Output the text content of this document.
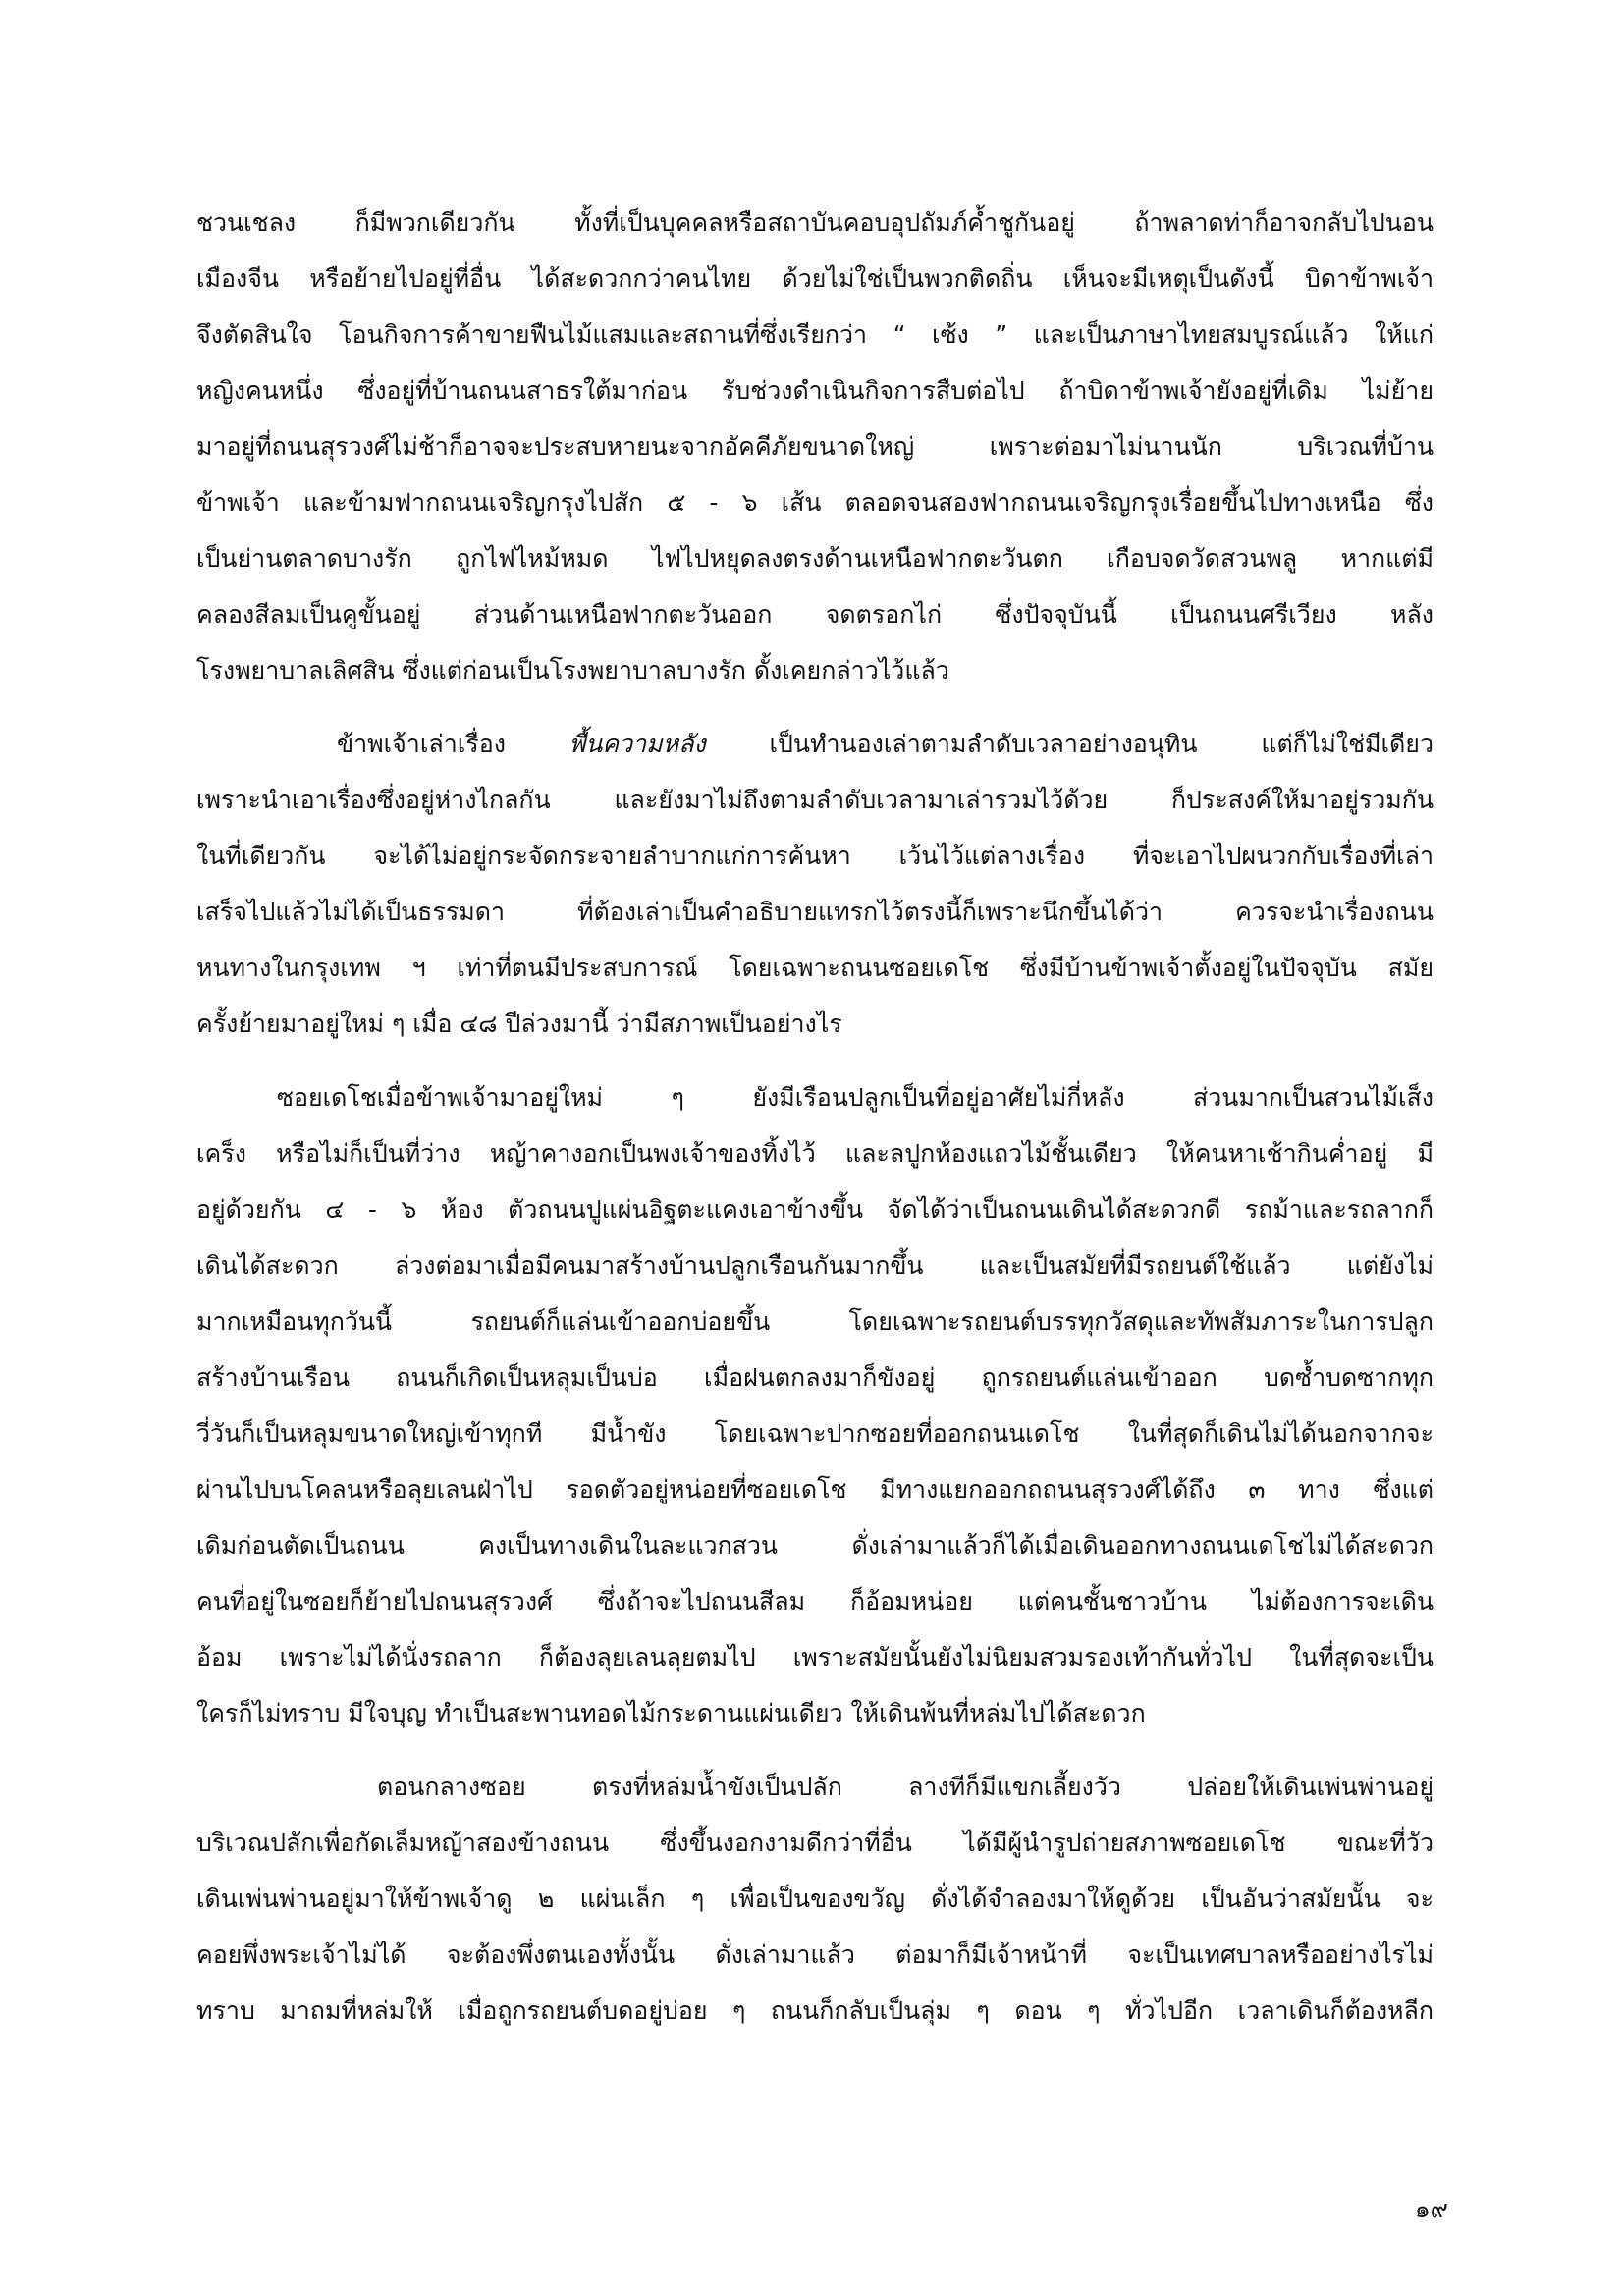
ชวนเชลง ก็มีพวกเดียวกัน ทั้งที่เป็นบุคคลหรือสถาบันคอบอุปถัมภ์ค้ำชูกันอยู่ ถ้าพลาดท่าก็อาจกลับไปนอน
เมืองจีน หรือย้ายไปอยู่ที่อื่น ได้สะดวกกว่าคนไทย ด้วยไม่ใช่เป็นพวกติดถิ่น เห็นจะมีเหตุเป็นดังนี้ บิดาข้าพเจ้า
จึงตัดสินใจ โอนกิจการค้าขายฟืนไม้แสมและสถานที่ซึ่งเรียกว่า “ เซ้ง ” และเป็นภาษาไทยสมบูรณ์แล้ว ให้แก่
หญิงคนหนึ่ง ซึ่งอยู่ที่บ้านถนนสาธรใต้มาก่อน รับช่วงดำเนินกิจการสืบต่อไป ถ้าบิดาข้าพเจ้ายังอยู่ที่เดิม ไม่ย้าย
มาอยู่ที่ถนนสุรวงศ์ไม่ช้าก็อาจจะประสบหายนะจากอัคคีภัยขนาดใหญ่ เพราะต่อมาไม่นานนัก บริเวณที่บ้าน
ข้าพเจ้า และข้ามฟากถนนเจริญกรุงไปสัก ๕ - ๖ เส้น ตลอดจนสองฟากถนนเจริญกรุงเรื่อยขึ้นไปทางเหนือ ซึ่ง
เป็นย่านตลาดบางรัก ถูกไฟไหม้หมด ไฟไปหยุดลงตรงด้านเหนือฟากตะวันตก เกือบจดวัดสวนพลู หากแต่มี
คลองสีลมเป็นคูขั้นอยู่ ส่วนด้านเหนือฟากตะวันออก จดตรอกไก่ ซึ่งปัจจุบันนี้ เป็นถนนศรีเวียง หลัง
โรงพยาบาลเลิศสิน ซึ่งแต่ก่อนเป็นโรงพยาบาลบางรัก ดั้งเคยกล่าวไว้แล้ว
ข้าพเจ้าเล่าเรื่อง พื้นความหลัง เป็นทำนองเล่าตามลำดับเวลาอย่างอนุทิน แต่ก็ไม่ใช่มีเดียว
เพราะนำเอาเรื่องซึ่งอยู่ห่างไกลกัน และยังมาไม่ถึงตามลำดับเวลามาเล่ารวมไว้ด้วย ก็ประสงค์ให้มาอยู่รวมกัน
ในที่เดียวกัน จะได้ไม่อยู่กระจัดกระจายลำบากแก่การค้นหา เว้นไว้แต่ลางเรื่อง ที่จะเอาไปผนวกกับเรื่องที่เล่า
เสร็จไปแล้วไม่ได้เป็นธรรมดา ที่ต้องเล่าเป็นคำอธิบายแทรกไว้ตรงนี้ก็เพราะนึกขึ้นได้ว่า ควรจะนำเรื่องถนน
หนทางในกรุงเทพ ฯ เท่าที่ตนมีประสบการณ์ โดยเฉพาะถนนซอยเดโช ซึ่งมีบ้านข้าพเจ้าตั้งอยู่ในปัจจุบัน สมัย
ครั้งย้ายมาอยู่ใหม่ ๆ เมื่อ ๔๘ ปีล่วงมานี้ ว่ามีสภาพเป็นอย่างไร
ซอยเดโชเมื่อข้าพเจ้ามาอยู่ใหม่ ๆ ยังมีเรือนปลูกเป็นที่อยู่อาศัยไม่กี่หลัง ส่วนมากเป็นสวนไม้เส็ง
เคร็ง หรือไม่ก็เป็นที่ว่าง หญ้าคางอกเป็นพงเจ้าของทิ้งไว้ และลปูกห้องแถวไม้ชั้นเดียว ให้คนหาเช้ากินค่ำอยู่ มี
อยู่ด้วยกัน ๔ - ๖ ห้อง ตัวถนนปูแผ่นอิฐตะแคงเอาข้างขึ้น จัดได้ว่าเป็นถนนเดินได้สะดวกดี รถม้าและรถลากก็
เดินได้สะดวก ล่วงต่อมาเมื่อมีคนมาสร้างบ้านปลูกเรือนกันมากขึ้น และเป็นสมัยที่มีรถยนต์ใช้แล้ว แต่ยังไม่
มากเหมือนทุกวันนี้ รถยนต์ก็แล่นเข้าออกบ่อยขึ้น โดยเฉพาะรถยนต์บรรทุกวัสดุและทัพสัมภาระในการปลูก
สร้างบ้านเรือน ถนนก็เกิดเป็นหลุมเป็นบ่อ เมื่อฝนตกลงมาก็ขังอยู่ ถูกรถยนต์แล่นเข้าออก บดซ้ำบดซากทุก
วี่วันก็เป็นหลุมขนาดใหญ่เข้าทุกที มีน้ำขัง โดยเฉพาะปากซอยที่ออกถนนเดโช ในที่สุดก็เดินไม่ได้นอกจากจะ
ผ่านไปบนโคลนหรือลุยเลนฝ่าไป รอดตัวอยู่หน่อยที่ซอยเดโช มีทางแยกออกถถนนสุรวงศ์ได้ถึง ๓ ทาง ซึ่งแต่
เดิมก่อนตัดเป็นถนน คงเป็นทางเดินในละแวกสวน ดั่งเล่ามาแล้วก็ได้เมื่อเดินออกทางถนนเดโชไม่ได้สะดวก
คนที่อยู่ในซอยก็ย้ายไปถนนสุรวงศ์ ซึ่งถ้าจะไปถนนสีลม ก็อ้อมหน่อย แต่คนชั้นชาวบ้าน ไม่ต้องการจะเดิน
อ้อม เพราะไม่ได้นั่งรถลาก ก็ต้องลุยเลนลุยตมไป เพราะสมัยนั้นยังไม่นิยมสวมรองเท้ากันทั่วไป ในที่สุดจะเป็น
ใครก็ไม่ทราบ มีใจบุญ ทำเป็นสะพานทอดไม้กระดานแผ่นเดียว ให้เดินพ้นที่หล่มไปได้สะดวก
ตอนกลางซอย ตรงที่หล่มน้ำขังเป็นปลัก ลางทีก็มีแขกเลี้ยงวัว ปล่อยให้เดินเพ่นพ่านอยู่
บริเวณปลักเพื่อกัดเล็มหญ้าสองข้างถนน ซึ่งขึ้นงอกงามดีกว่าที่อื่น ได้มีผู้นำรูปถ่ายสภาพซอยเดโช ขณะที่วัว
เดินเพ่นพ่านอยู่มาให้ข้าพเจ้าดู ๒ แผ่นเล็ก ๆ เพื่อเป็นของขวัญ ดั่งได้จำลองมาให้ดูด้วย เป็นอันว่าสมัยนั้น จะ
คอยพึ่งพระเจ้าไม่ได้ จะต้องพึ่งตนเองทั้งนั้น ดั่งเล่ามาแล้ว ต่อมาก็มีเจ้าหน้าที่ จะเป็นเทศบาลหรืออย่างไรไม่
ทราบ มาถมที่หล่มให้ เมื่อถูกรถยนต์บดอยู่บ่อย ๆ ถนนก็กลับเป็นลุ่ม ๆ ดอน ๆ ทั่วไปอีก เวลาเดินก็ต้องหลีก
๑๙
